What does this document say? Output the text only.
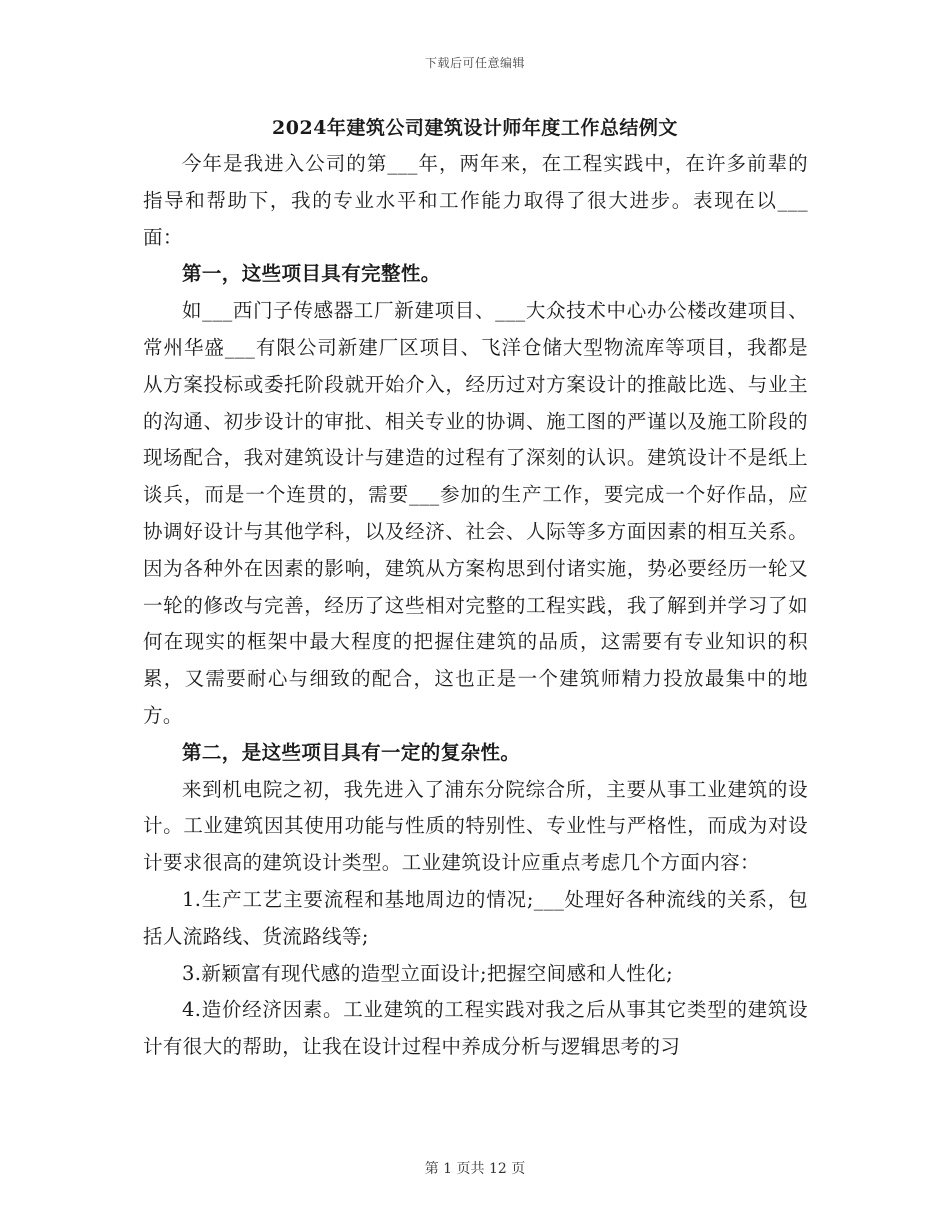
下载后可任意编辑
2024年建筑公司建筑设计师年度工作总结例文

今年是我进入公司的第___年，两年来，在工程实践中，在许多前辈的指导和帮助下，我的专业水平和工作能力取得了很大进步。表现在以___面：

第一，这些项目具有完整性。

如___西门子传感器工厂新建项目、___大众技术中心办公楼改建项目、常州华盛___有限公司新建厂区项目、飞洋仓储大型物流库等项目，我都是从方案投标或委托阶段就开始介入，经历过对方案设计的推敲比选、与业主的沟通、初步设计的审批、相关专业的协调、施工图的严谨以及施工阶段的现场配合，我对建筑设计与建造的过程有了深刻的认识。建筑设计不是纸上谈兵，而是一个连贯的，需要___参加的生产工作，要完成一个好作品，应协调好设计与其他学科，以及经济、社会、人际等多方面因素的相互关系。因为各种外在因素的影响，建筑从方案构思到付诸实施，势必要经历一轮又一轮的修改与完善，经历了这些相对完整的工程实践，我了解到并学习了如何在现实的框架中最大程度的把握住建筑的品质，这需要有专业知识的积累，又需要耐心与细致的配合，这也正是一个建筑师精力投放最集中的地方。

第二，是这些项目具有一定的复杂性。

来到机电院之初，我先进入了浦东分院综合所，主要从事工业建筑的设计。工业建筑因其使用功能与性质的特别性、专业性与严格性，而成为对设计要求很高的建筑设计类型。工业建筑设计应重点考虑几个方面内容：

1.生产工艺主要流程和基地周边的情况;___处理好各种流线的关系，包括人流路线、货流路线等;

3.新颖富有现代感的造型立面设计;把握空间感和人性化;

4.造价经济因素。工业建筑的工程实践对我之后从事其它类型的建筑设计有很大的帮助，让我在设计过程中养成分析与逻辑思考的习

第 1 页共 12 页
